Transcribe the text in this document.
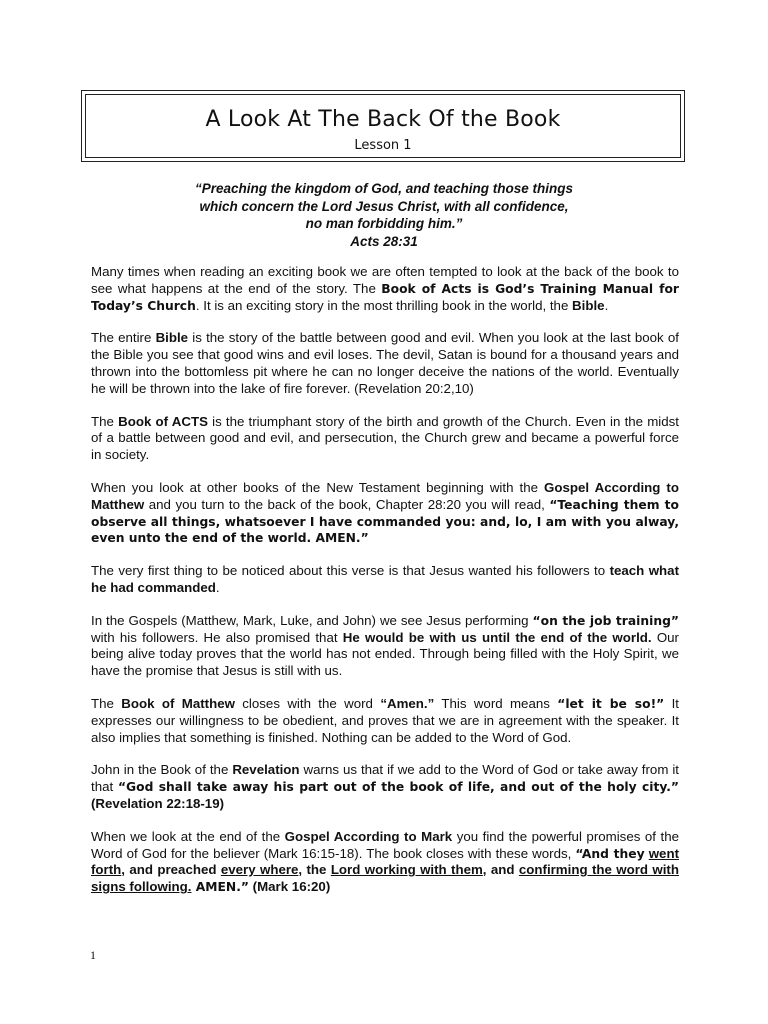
A Look At The Back Of the Book
Lesson 1
“Preaching the kingdom of God, and teaching those things
which concern the Lord Jesus Christ, with all confidence,
no man forbidding him.”
Acts 28:31

Many times when reading an exciting book we are often tempted to look at the back of the book to see what happens at the end of the story. The Book of Acts is God’s Training Manual for Today’s Church. It is an exciting story in the most thrilling book in the world, the Bible.

The entire Bible is the story of the battle between good and evil. When you look at the last book of the Bible you see that good wins and evil loses. The devil, Satan is bound for a thousand years and thrown into the bottomless pit where he can no longer deceive the nations of the world. Eventually he will be thrown into the lake of fire forever. (Revelation 20:2,10)

The Book of ACTS is the triumphant story of the birth and growth of the Church. Even in the midst of a battle between good and evil, and persecution, the Church grew and became a powerful force in society.

When you look at other books of the New Testament beginning with the Gospel According to Matthew and you turn to the back of the book, Chapter 28:20 you will read, “Teaching them to observe all things, whatsoever I have commanded you: and, lo, I am with you alway, even unto the end of the world. AMEN.”

The very first thing to be noticed about this verse is that Jesus wanted his followers to teach what he had commanded.

In the Gospels (Matthew, Mark, Luke, and John) we see Jesus performing “on the job training” with his followers. He also promised that He would be with us until the end of the world. Our being alive today proves that the world has not ended. Through being filled with the Holy Spirit, we have the promise that Jesus is still with us.

The Book of Matthew closes with the word “Amen.” This word means “let it be so!” It expresses our willingness to be obedient, and proves that we are in agreement with the speaker. It also implies that something is finished. Nothing can be added to the Word of God.

John in the Book of the Revelation warns us that if we add to the Word of God or take away from it that “God shall take away his part out of the book of life, and out of the holy city.” (Revelation 22:18-19)

When we look at the end of the Gospel According to Mark you find the powerful promises of the Word of God for the believer (Mark 16:15-18). The book closes with these words, “And they went forth, and preached every where, the Lord working with them, and confirming the word with signs following. AMEN.” (Mark 16:20)

1
